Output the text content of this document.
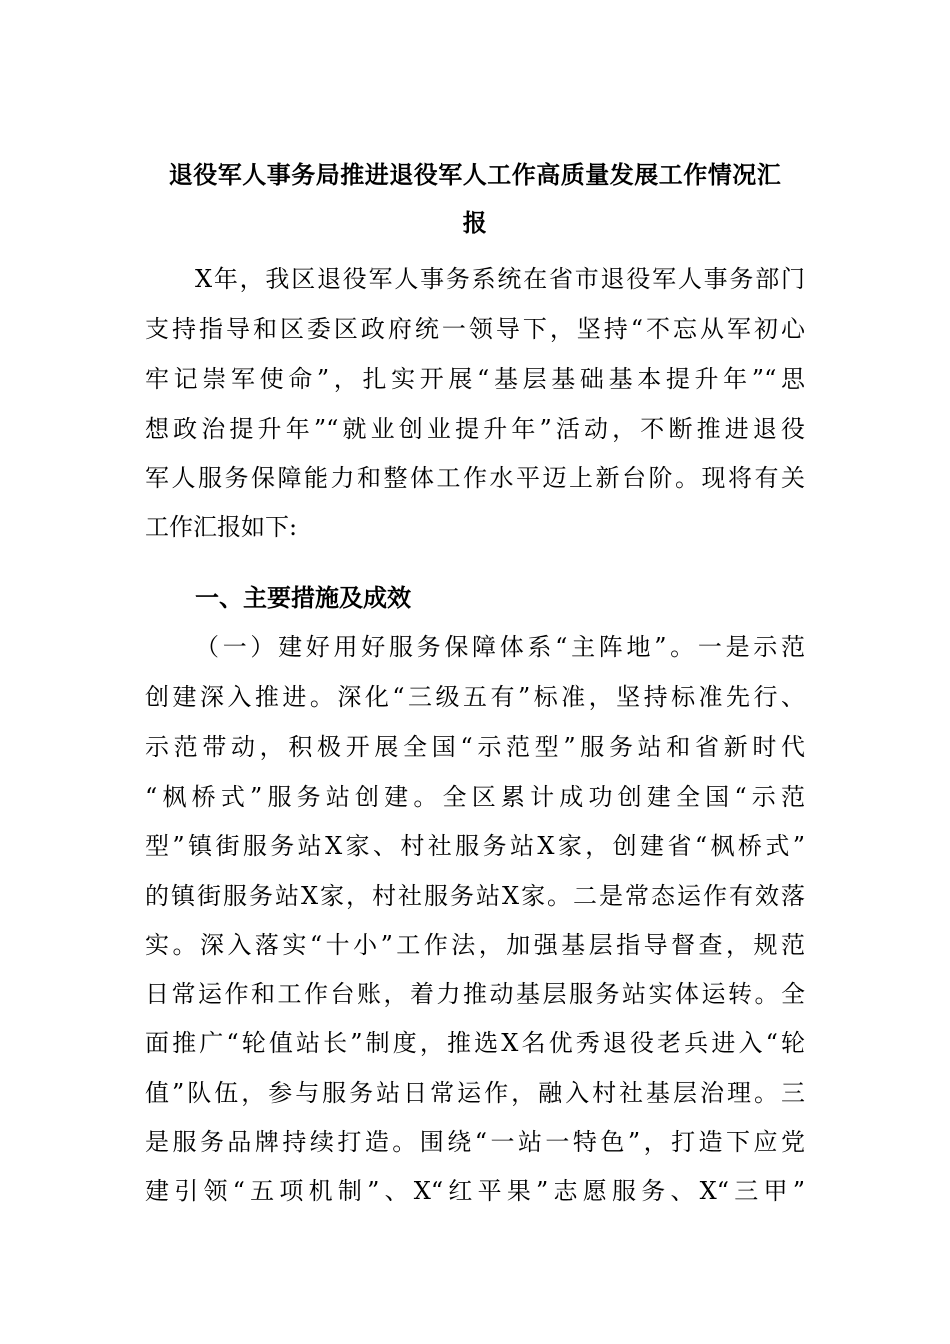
退役军人事务局推进退役军人工作高质量发展工作情况汇
报
X年，我区退役军人事务系统在省市退役军人事务部门
支持指导和区委区政府统一领导下，坚持“不忘从军初心
牢记崇军使命”，扎实开展“基层基础基本提升年”“思
想政治提升年”“就业创业提升年”活动，不断推进退役
军人服务保障能力和整体工作水平迈上新台阶。现将有关
工作汇报如下:
一、主要措施及成效
（一）建好用好服务保障体系“主阵地”。一是示范
创建深入推进。深化“三级五有”标准，坚持标准先行、
示范带动，积极开展全国“示范型”服务站和省新时代
“枫桥式”服务站创建。全区累计成功创建全国“示范
型”镇街服务站X家、村社服务站X家，创建省“枫桥式”
的镇街服务站X家，村社服务站X家。二是常态运作有效落
实。深入落实“十小”工作法，加强基层指导督查，规范
日常运作和工作台账，着力推动基层服务站实体运转。全
面推广“轮值站长”制度，推选X名优秀退役老兵进入“轮
值”队伍，参与服务站日常运作，融入村社基层治理。三
是服务品牌持续打造。围绕“一站一特色”，打造下应党
建引领“五项机制”、X“红平果”志愿服务、X“三甲”
